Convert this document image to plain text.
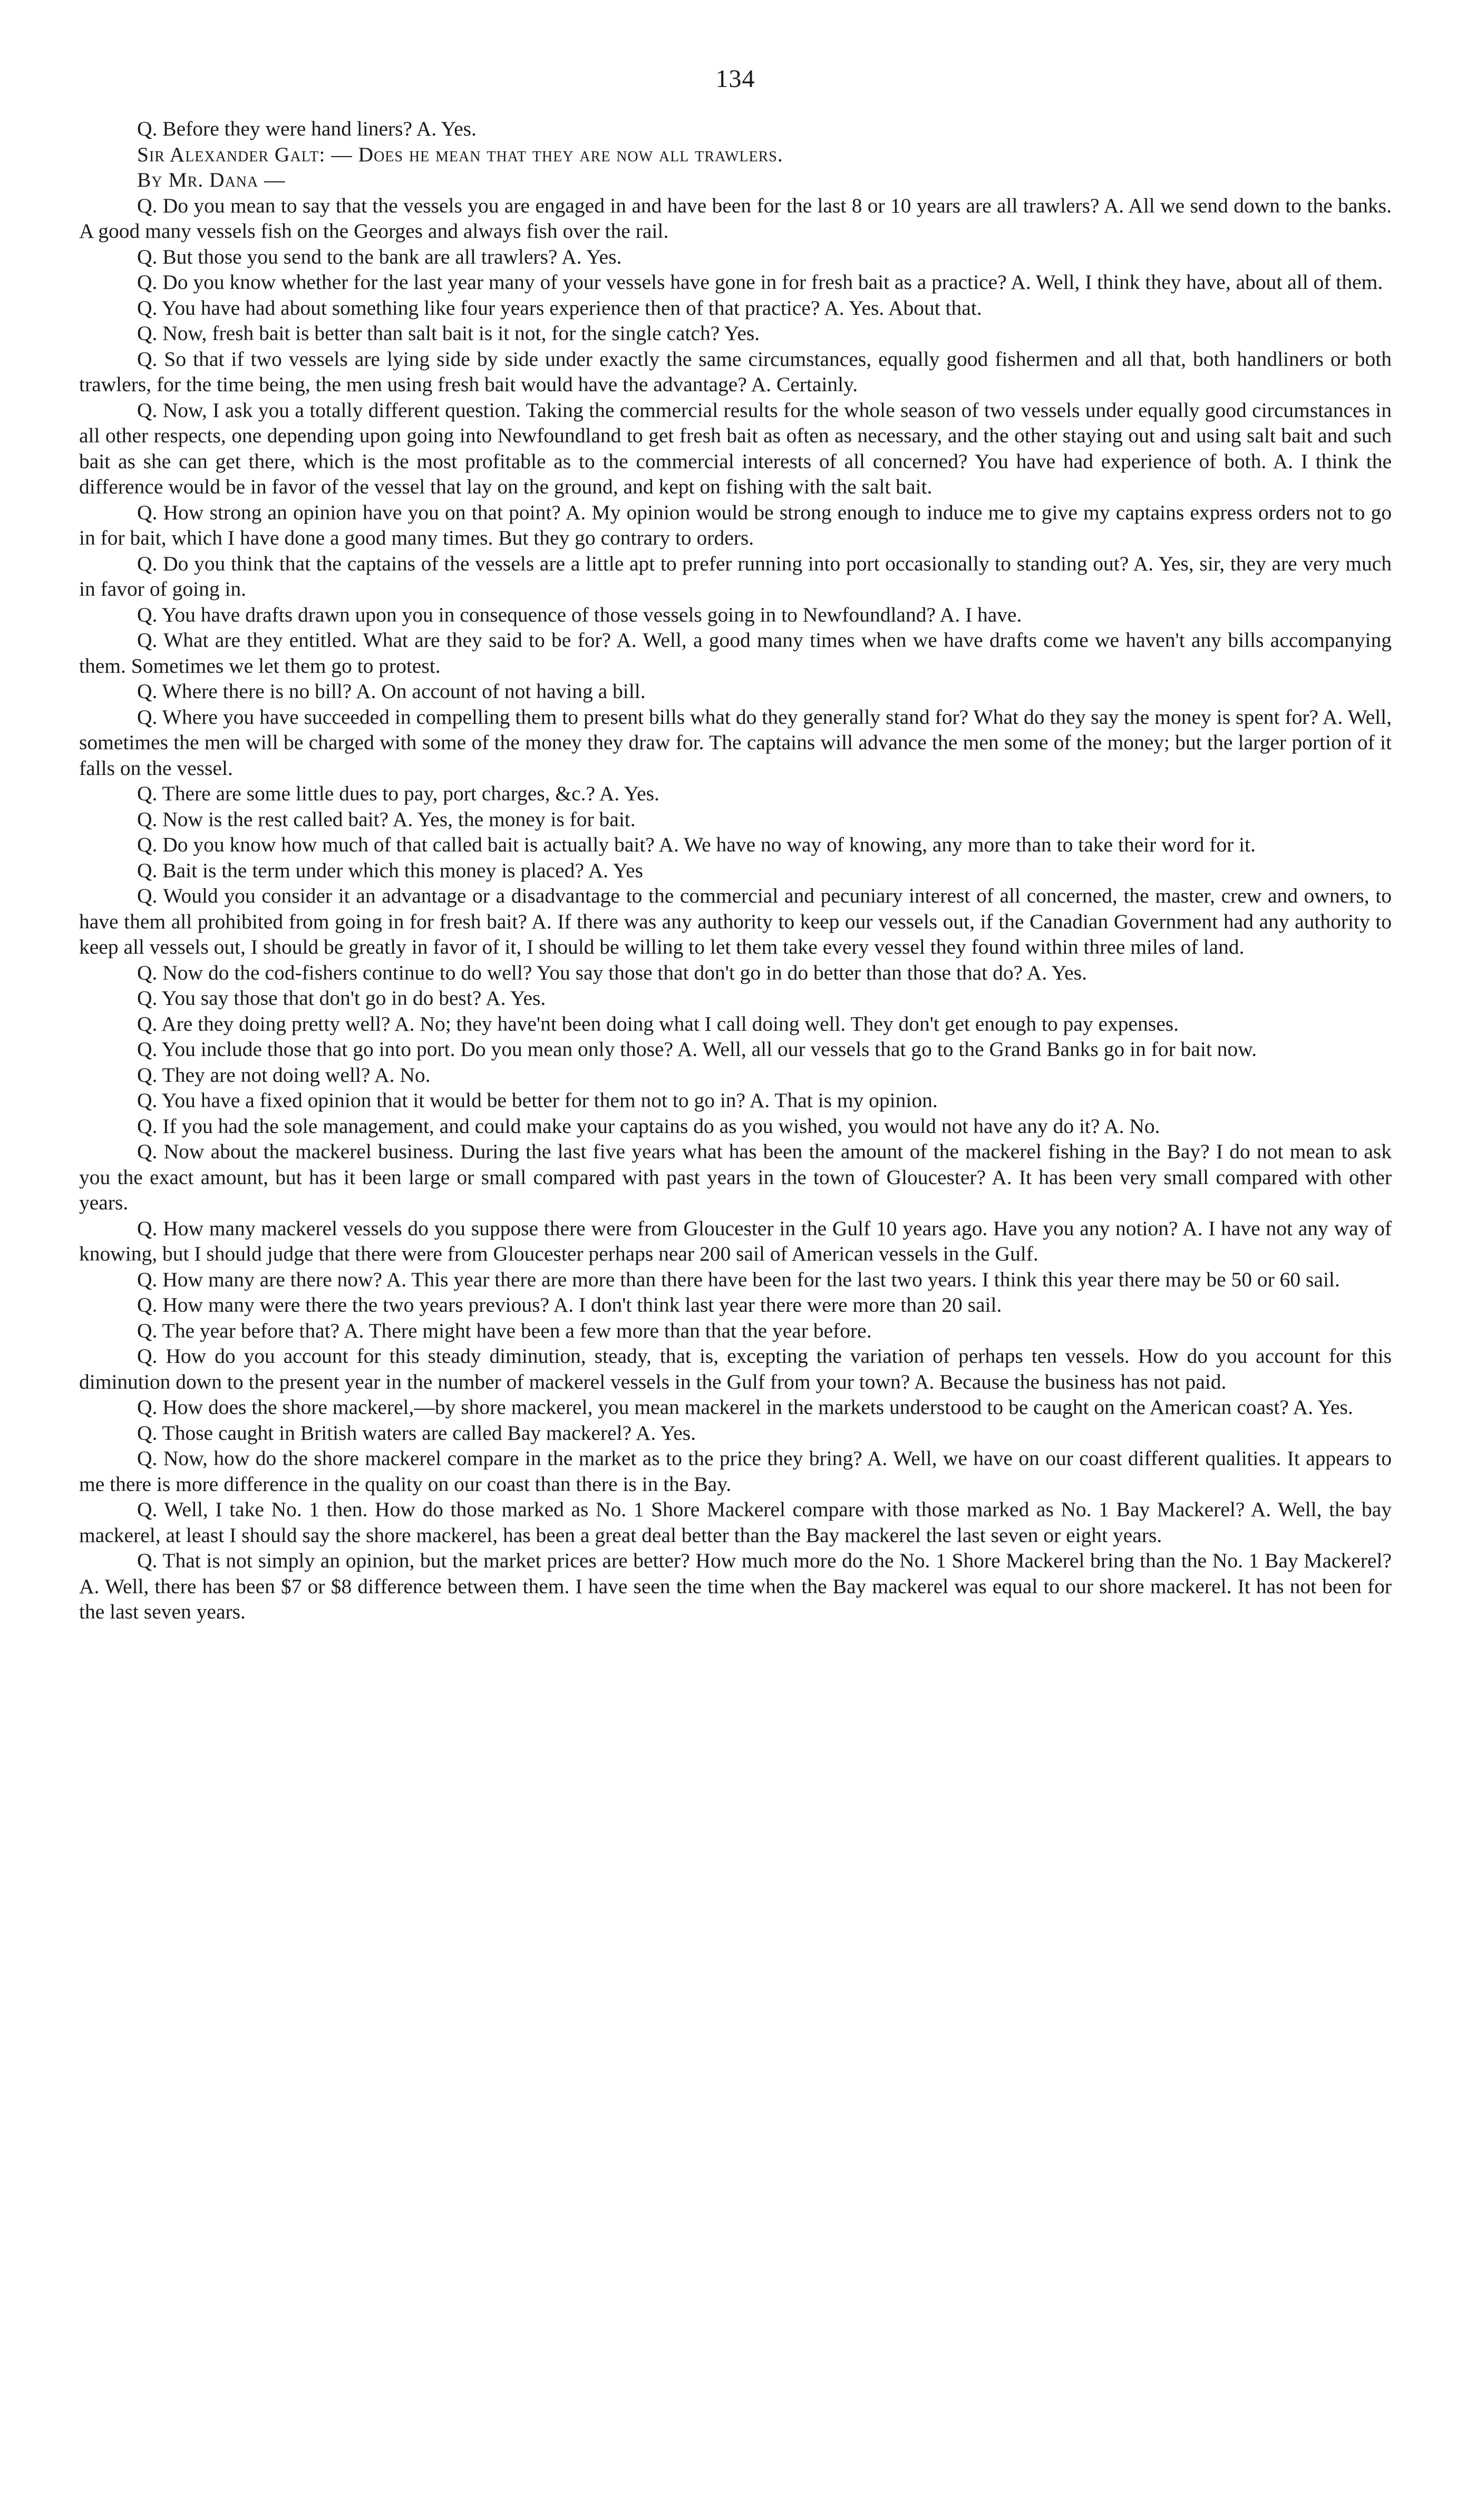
134

Q. Before they were hand liners? A. Yes.

Sir Alexander Galt: — Does he mean that they are now all trawlers.

By Mr. Dana —

Q. Do you mean to say that the vessels you are engaged in and have been for the last 8 or 10 years are all trawlers? A. All we send down to the banks. A good many vessels fish on the Georges and always fish over the rail.

Q. But those you send to the bank are all trawlers? A. Yes.

Q. Do you know whether for the last year many of your vessels have gone in for fresh bait as a practice? A. Well, I think they have, about all of them.

Q. You have had about something like four years experience then of that practice? A. Yes. About that.

Q. Now, fresh bait is better than salt bait is it not, for the single catch? Yes.

Q. So that if two vessels are lying side by side under exactly the same circumstances, equally good fishermen and all that, both handliners or both trawlers, for the time being, the men using fresh bait would have the advantage? A. Certainly.

Q. Now, I ask you a totally different question. Taking the commercial results for the whole season of two vessels under equally good circumstances in all other respects, one depending upon going into Newfoundland to get fresh bait as often as necessary, and the other staying out and using salt bait and such bait as she can get there, which is the most profitable as to the commercial interests of all concerned? You have had experience of both. A. I think the difference would be in favor of the vessel that lay on the ground, and kept on fishing with the salt bait.

Q. How strong an opinion have you on that point? A. My opinion would be strong enough to induce me to give my captains express orders not to go in for bait, which I have done a good many times. But they go contrary to orders.

Q. Do you think that the captains of the vessels are a little apt to prefer running into port occasionally to standing out? A. Yes, sir, they are very much in favor of going in.

Q. You have drafts drawn upon you in consequence of those vessels going in to Newfoundland? A. I have.

Q. What are they entitled. What are they said to be for? A. Well, a good many times when we have drafts come we haven't any bills accompanying them. Sometimes we let them go to protest.

Q. Where there is no bill? A. On account of not having a bill.

Q. Where you have succeeded in compelling them to present bills what do they generally stand for? What do they say the money is spent for? A. Well, sometimes the men will be charged with some of the money they draw for. The captains will advance the men some of the money; but the larger portion of it falls on the vessel.

Q. There are some little dues to pay, port charges, &c.? A. Yes.

Q. Now is the rest called bait? A. Yes, the money is for bait.

Q. Do you know how much of that called bait is actually bait? A. We have no way of knowing, any more than to take their word for it.

Q. Bait is the term under which this money is placed? A. Yes

Q. Would you consider it an advantage or a disadvantage to the commercial and pecuniary interest of all concerned, the master, crew and owners, to have them all prohibited from going in for fresh bait? A. If there was any authority to keep our vessels out, if the Canadian Government had any authority to keep all vessels out, I should be greatly in favor of it, I should be willing to let them take every vessel they found within three miles of land.

Q. Now do the cod-fishers continue to do well? You say those that don't go in do better than those that do? A. Yes.

Q. You say those that don't go in do best? A. Yes.

Q. Are they doing pretty well? A. No; they have'nt been doing what I call doing well. They don't get enough to pay expenses.

Q. You include those that go into port. Do you mean only those? A. Well, all our vessels that go to the Grand Banks go in for bait now.

Q. They are not doing well? A. No.

Q. You have a fixed opinion that it would be better for them not to go in? A. That is my opinion.

Q. If you had the sole management, and could make your captains do as you wished, you would not have any do it? A. No.

Q. Now about the mackerel business. During the last five years what has been the amount of the mackerel fishing in the Bay? I do not mean to ask you the exact amount, but has it been large or small compared with past years in the town of Gloucester? A. It has been very small compared with other years.

Q. How many mackerel vessels do you suppose there were from Gloucester in the Gulf 10 years ago. Have you any notion? A. I have not any way of knowing, but I should judge that there were from Gloucester perhaps near 200 sail of American vessels in the Gulf.

Q. How many are there now? A. This year there are more than there have been for the last two years. I think this year there may be 50 or 60 sail.

Q. How many were there the two years previous? A. I don't think last year there were more than 20 sail.

Q. The year before that? A. There might have been a few more than that the year before.

Q. How do you account for this steady diminution, steady, that is, excepting the variation of perhaps ten vessels. How do you account for this diminution down to the present year in the number of mackerel vessels in the Gulf from your town? A. Because the business has not paid.

Q. How does the shore mackerel,—by shore mackerel, you mean mackerel in the markets understood to be caught on the American coast? A. Yes.

Q. Those caught in British waters are called Bay mackerel? A. Yes.

Q. Now, how do the shore mackerel compare in the market as to the price they bring? A. Well, we have on our coast different qualities. It appears to me there is more difference in the quality on our coast than there is in the Bay.

Q. Well, I take No. 1 then. How do those marked as No. 1 Shore Mackerel compare with those marked as No. 1 Bay Mackerel? A. Well, the bay mackerel, at least I should say the shore mackerel, has been a great deal better than the Bay mackerel the last seven or eight years.

Q. That is not simply an opinion, but the market prices are better? How much more do the No. 1 Shore Mackerel bring than the No. 1 Bay Mackerel? A. Well, there has been $7 or $8 difference between them. I have seen the time when the Bay mackerel was equal to our shore mackerel. It has not been for the last seven years.
